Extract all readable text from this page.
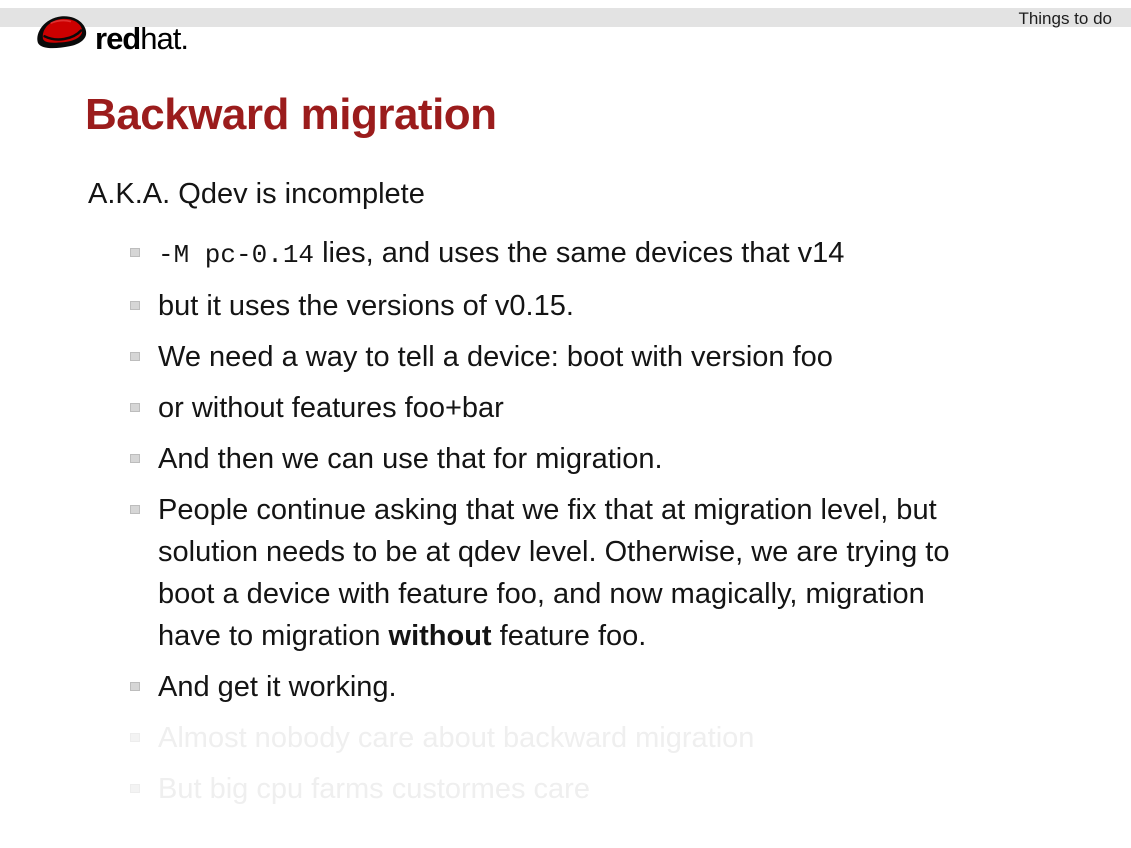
Things to do
redhat.
Backward migration
A.K.A. Qdev is incomplete
-M pc-0.14 lies, and uses the same devices that v14
but it uses the versions of v0.15.
We need a way to tell a device: boot with version foo
or without features foo+bar
And then we can use that for migration.
People continue asking that we fix that at migration level, but
solution needs to be at qdev level. Otherwise, we are trying to
boot a device with feature foo, and now magically, migration
have to migration without feature foo.
And get it working.
Almost nobody care about backward migration
But big cpu farms custormes care
